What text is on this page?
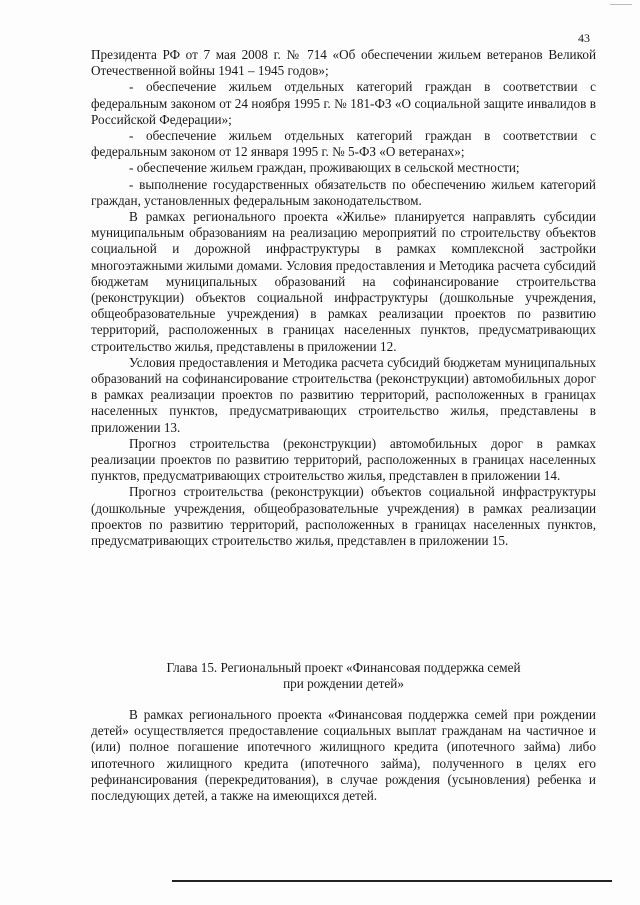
43

Президента РФ от 7 мая 2008 г. № 714 «Об обеспечении жильем ветеранов Великой Отечественной войны 1941 – 1945 годов»;

- обеспечение жильем отдельных категорий граждан в соответствии с федеральным законом от 24 ноября 1995 г. № 181-ФЗ «О социальной защите инвалидов в Российской Федерации»;

- обеспечение жильем отдельных категорий граждан в соответствии с федеральным законом от 12 января 1995 г. № 5-ФЗ «О ветеранах»;

- обеспечение жильем граждан, проживающих в сельской местности;

- выполнение государственных обязательств по обеспечению жильем категорий граждан, установленных федеральным законодательством.

В рамках регионального проекта «Жилье» планируется направлять субсидии муниципальным образованиям на реализацию мероприятий по строительству объектов социальной и дорожной инфраструктуры в рамках комплексной застройки многоэтажными жилыми домами. Условия предоставления и Методика расчета субсидий бюджетам муниципальных образований на софинансирование строительства (реконструкции) объектов социальной инфраструктуры (дошкольные учреждения, общеобразовательные учреждения) в рамках реализации проектов по развитию территорий, расположенных в границах населенных пунктов, предусматривающих строительство жилья, представлены в приложении 12.

Условия предоставления и Методика расчета субсидий бюджетам муниципальных образований на софинансирование строительства (реконструкции) автомобильных дорог в рамках реализации проектов по развитию территорий, расположенных в границах населенных пунктов, предусматривающих строительство жилья, представлены в приложении 13.

Прогноз строительства (реконструкции) автомобильных дорог в рамках реализации проектов по развитию территорий, расположенных в границах населенных пунктов, предусматривающих строительство жилья, представлен в приложении 14.

Прогноз строительства (реконструкции) объектов социальной инфраструктуры (дошкольные учреждения, общеобразовательные учреждения) в рамках реализации проектов по развитию территорий, расположенных в границах населенных пунктов, предусматривающих строительство жилья, представлен в приложении 15.

Глава 15. Региональный проект «Финансовая поддержка семей
при рождении детей»

В рамках регионального проекта «Финансовая поддержка семей при рождении детей» осуществляется предоставление социальных выплат гражданам на частичное и (или) полное погашение ипотечного жилищного кредита (ипотечного займа) либо ипотечного жилищного кредита (ипотечного займа), полученного в целях его рефинансирования (перекредитования), в случае рождения (усыновления) ребенка и последующих детей, а также на имеющихся детей.
